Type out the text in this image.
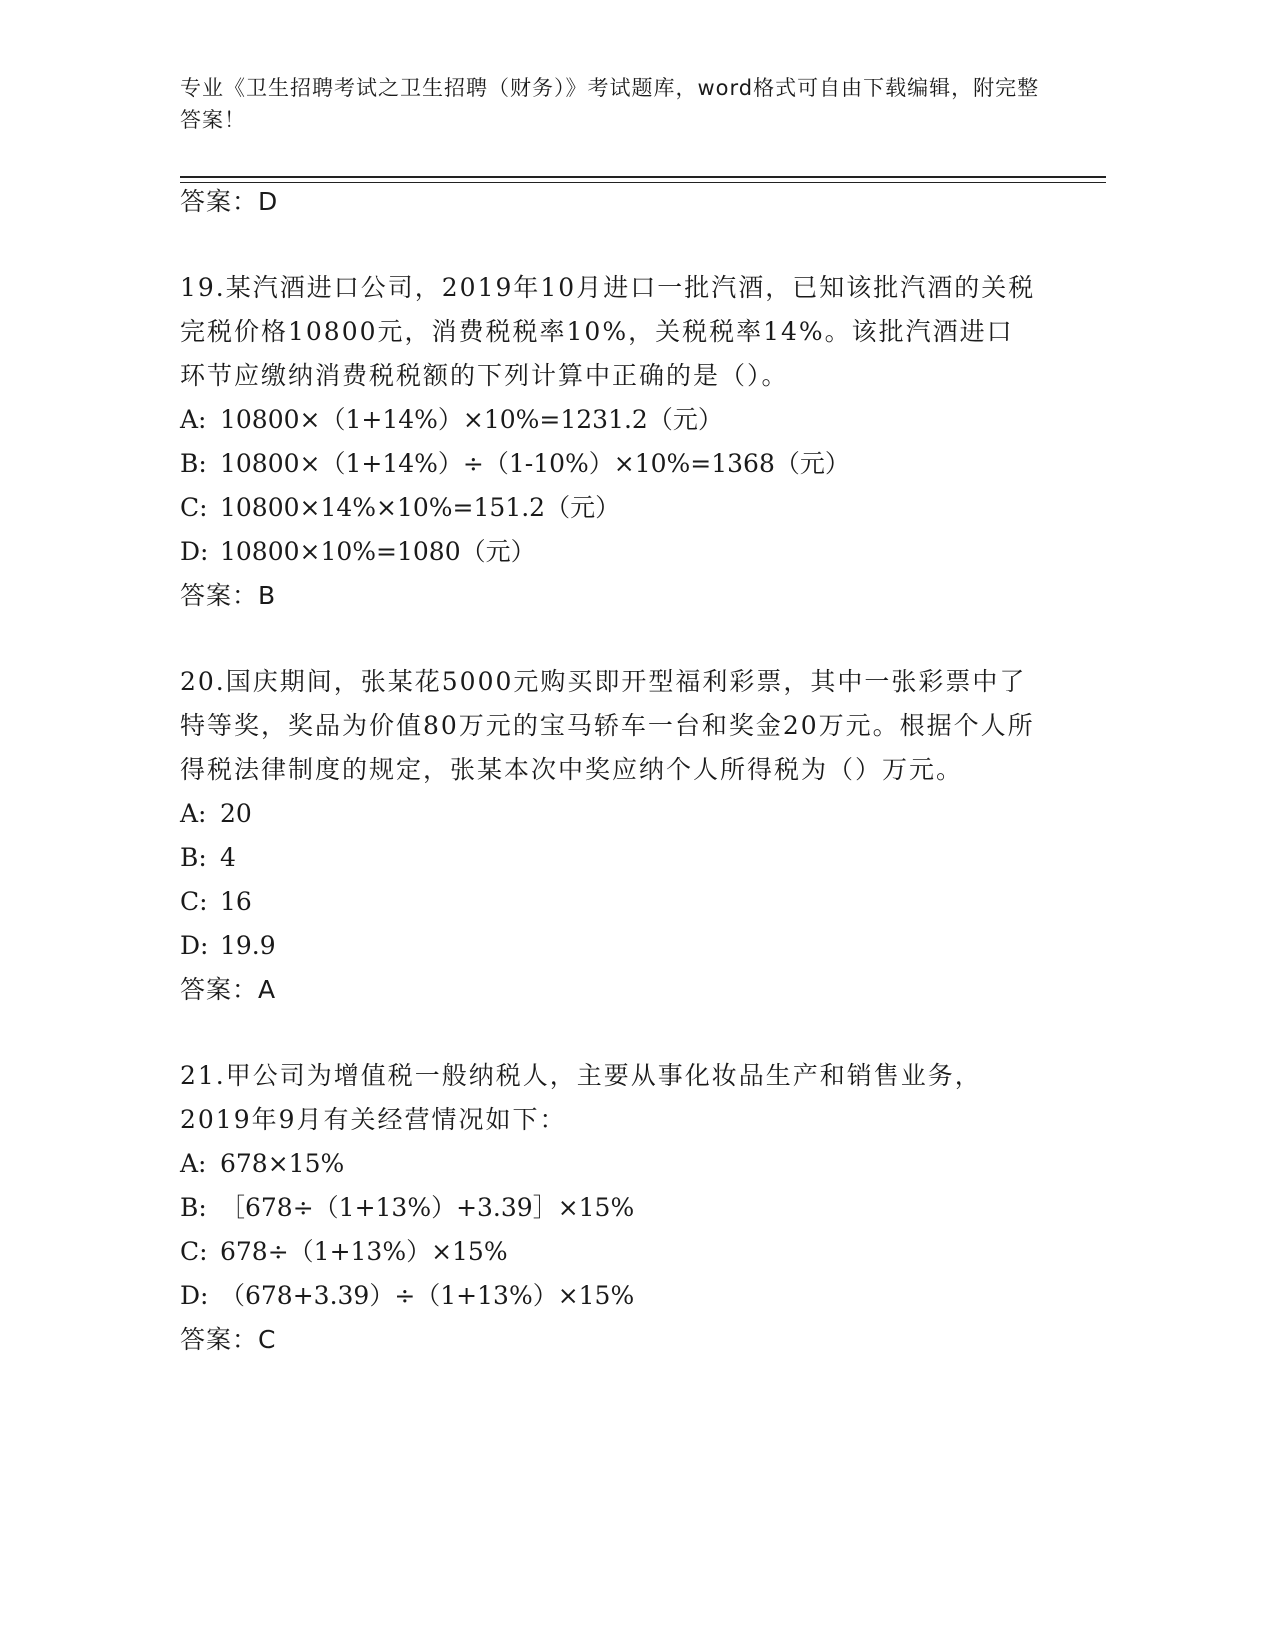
专业《卫生招聘考试之卫生招聘（财务）》考试题库，word格式可自由下载编辑，附完整答案！

答案：D

19.某汽酒进口公司，2019年10月进口一批汽酒，已知该批汽酒的关税完税价格10800元，消费税税率10%，关税税率14%。该批汽酒进口环节应缴纳消费税税额的下列计算中正确的是（）。

A: 10800×（1+14%）×10%=1231.2（元）

B: 10800×（1+14%）÷（1-10%）×10%=1368（元）

C: 10800×14%×10%=151.2（元）

D: 10800×10%=1080（元）

答案：B

20.国庆期间，张某花5000元购买即开型福利彩票，其中一张彩票中了特等奖，奖品为价值80万元的宝马轿车一台和奖金20万元。根据个人所得税法律制度的规定，张某本次中奖应纳个人所得税为（）万元。

A: 20

B: 4

C: 16

D: 19.9

答案：A

21.甲公司为增值税一般纳税人，主要从事化妆品生产和销售业务，2019年9月有关经营情况如下：

A: 678×15%

B: ［678÷（1+13%）+3.39］×15%

C: 678÷（1+13%）×15%

D: （678+3.39）÷（1+13%）×15%

答案：C
